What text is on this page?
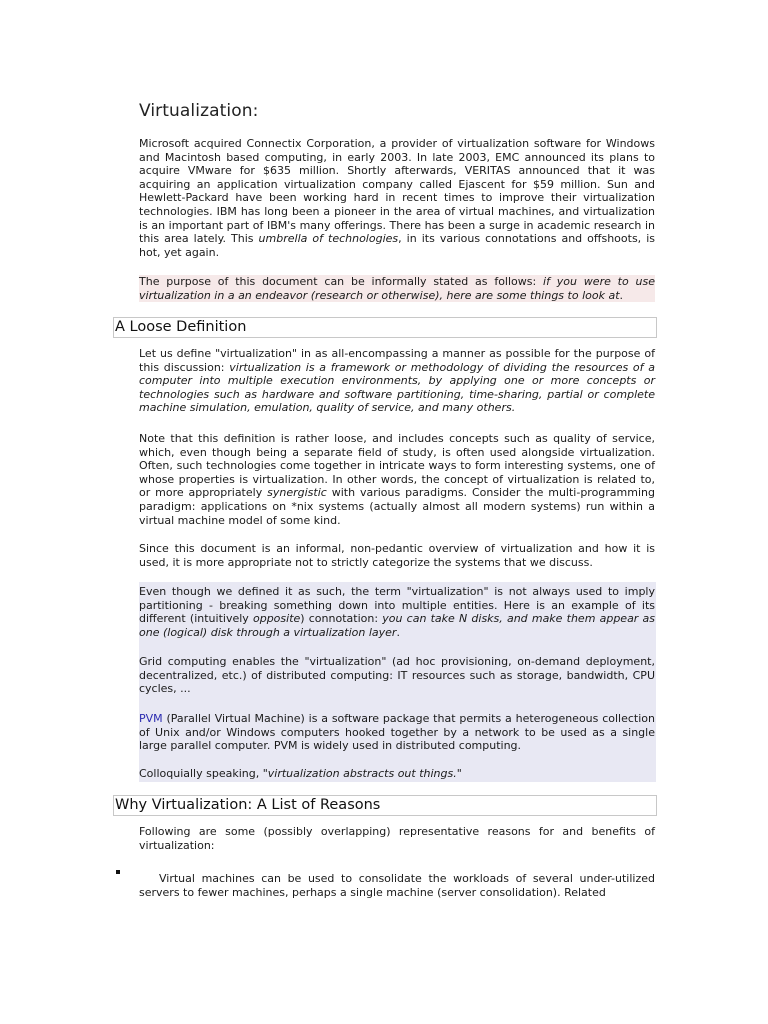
Virtualization:

Microsoft acquired Connectix Corporation, a provider of virtualization software for Windows and Macintosh based computing, in early 2003. In late 2003, EMC announced its plans to acquire VMware for $635 million. Shortly afterwards, VERITAS announced that it was acquiring an application virtualization company called Ejascent for $59 million. Sun and Hewlett-Packard have been working hard in recent times to improve their virtualization technologies. IBM has long been a pioneer in the area of virtual machines, and virtualization is an important part of IBM's many offerings. There has been a surge in academic research in this area lately. This umbrella of technologies, in its various connotations and offshoots, is hot, yet again.

The purpose of this document can be informally stated as follows: if you were to use virtualization in a an endeavor (research or otherwise), here are some things to look at.

A Loose Definition

Let us define "virtualization" in as all-encompassing a manner as possible for the purpose of this discussion: virtualization is a framework or methodology of dividing the resources of a computer into multiple execution environments, by applying one or more concepts or technologies such as hardware and software partitioning, time-sharing, partial or complete machine simulation, emulation, quality of service, and many others.

Note that this definition is rather loose, and includes concepts such as quality of service, which, even though being a separate field of study, is often used alongside virtualization. Often, such technologies come together in intricate ways to form interesting systems, one of whose properties is virtualization. In other words, the concept of virtualization is related to, or more appropriately synergistic with various paradigms. Consider the multi-programming paradigm: applications on *nix systems (actually almost all modern systems) run within a virtual machine model of some kind.

Since this document is an informal, non-pedantic overview of virtualization and how it is used, it is more appropriate not to strictly categorize the systems that we discuss.

Even though we defined it as such, the term "virtualization" is not always used to imply partitioning - breaking something down into multiple entities. Here is an example of its different (intuitively opposite) connotation: you can take N disks, and make them appear as one (logical) disk through a virtualization layer.

Grid computing enables the "virtualization" (ad hoc provisioning, on-demand deployment, decentralized, etc.) of distributed computing: IT resources such as storage, bandwidth, CPU cycles, ...

PVM (Parallel Virtual Machine) is a software package that permits a heterogeneous collection of Unix and/or Windows computers hooked together by a network to be used as a single large parallel computer. PVM is widely used in distributed computing.

Colloquially speaking, "virtualization abstracts out things."

Why Virtualization: A List of Reasons

Following are some (possibly overlapping) representative reasons for and benefits of virtualization:

Virtual machines can be used to consolidate the workloads of several under-utilized servers to fewer machines, perhaps a single machine (server consolidation). Related
